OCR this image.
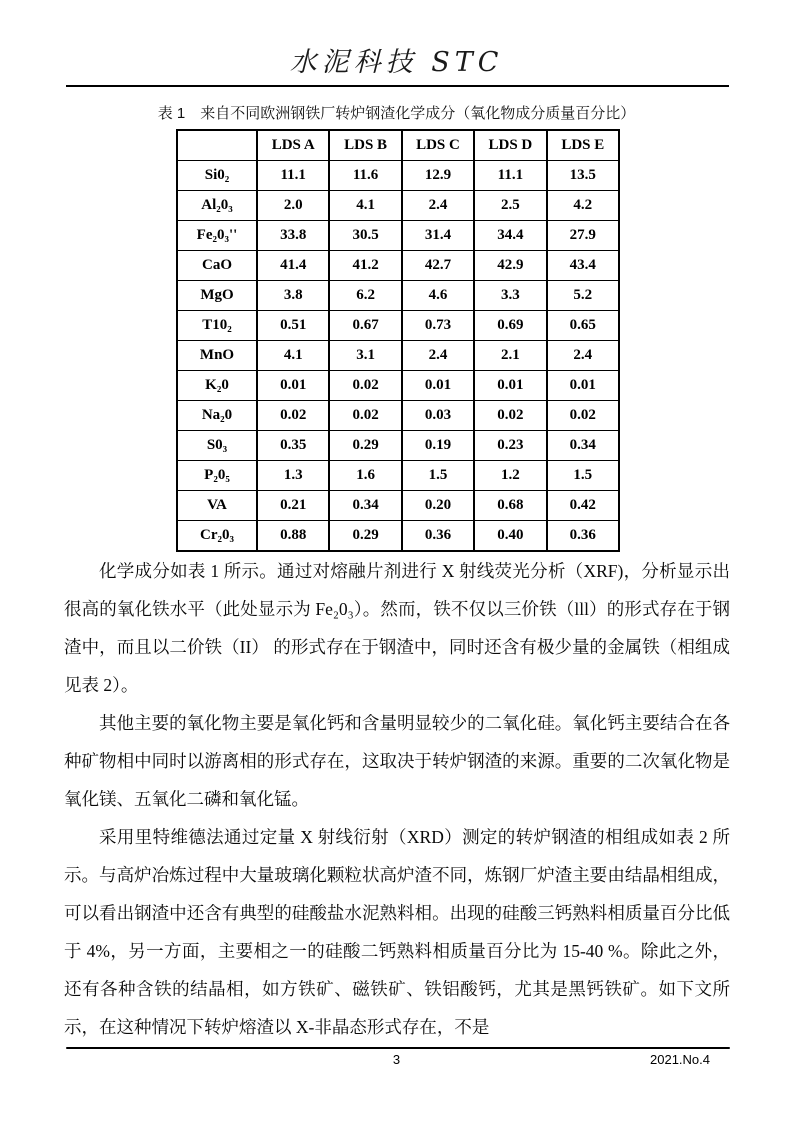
水泥科技 STC
表 1　来自不同欧洲钢铁厂转炉钢渣化学成分（氧化物成分质量百分比）
	LDS A	LDS B	LDS C	LDS D	LDS E
Si0₂	11.1	11.6	12.9	11.1	13.5
Al₂0₃	2.0	4.1	2.4	2.5	4.2
Fe₂0₃''	33.8	30.5	31.4	34.4	27.9
CaO	41.4	41.2	42.7	42.9	43.4
MgO	3.8	6.2	4.6	3.3	5.2
T10₂	0.51	0.67	0.73	0.69	0.65
MnO	4.1	3.1	2.4	2.1	2.4
K₂0	0.01	0.02	0.01	0.01	0.01
Na₂0	0.02	0.02	0.03	0.02	0.02
S0₃	0.35	0.29	0.19	0.23	0.34
P₂0₅	1.3	1.6	1.5	1.2	1.5
VA	0.21	0.34	0.20	0.68	0.42
Cr₂0₃	0.88	0.29	0.36	0.40	0.36

化学成分如表 1 所示。通过对熔融片剂进行 X 射线荧光分析（XRF)，分析显示出很高的氧化铁水平（此处显示为 Fe₂0₃）。然而，铁不仅以三价铁（lll）的形式存在于钢渣中，而且以二价铁（II） 的形式存在于钢渣中，同时还含有极少量的金属铁（相组成见表 2）。

其他主要的氧化物主要是氧化钙和含量明显较少的二氧化硅。氧化钙主要结合在各种矿物相中同时以游离相的形式存在，这取决于转炉钢渣的来源。重要的二次氧化物是氧化镁、五氧化二磷和氧化锰。

采用里特维德法通过定量 X 射线衍射（XRD）测定的转炉钢渣的相组成如表 2 所示。与高炉冶炼过程中大量玻璃化颗粒状高炉渣不同，炼钢厂炉渣主要由结晶相组成，可以看出钢渣中还含有典型的硅酸盐水泥熟料相。出现的硅酸三钙熟料相质量百分比低于 4%，另一方面，主要相之一的硅酸二钙熟料相质量百分比为 15-40 %。除此之外，还有各种含铁的结晶相，如方铁矿、磁铁矿、铁铝酸钙，尤其是黑钙铁矿。如下文所示，在这种情况下转炉熔渣以 X-非晶态形式存在，不是

3	2021.No.4
